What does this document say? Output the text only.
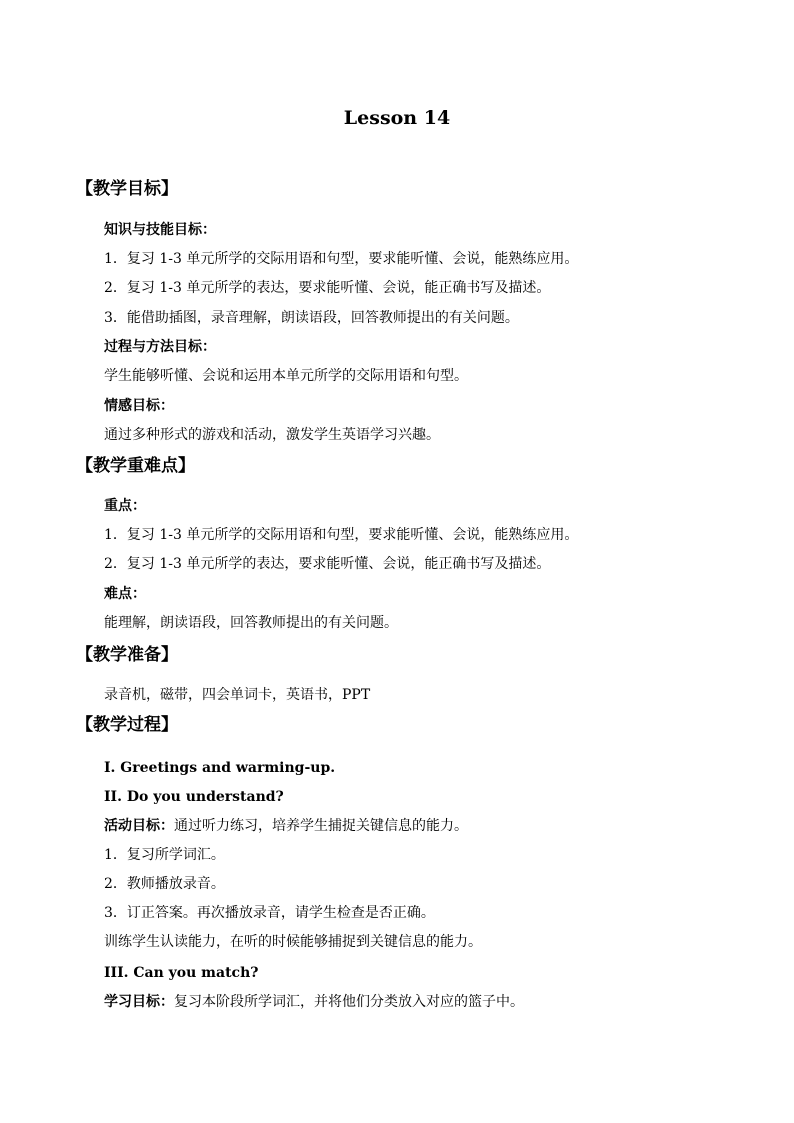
Lesson 14
【教学目标】
知识与技能目标：
1．复习 1-3 单元所学的交际用语和句型，要求能听懂、会说，能熟练应用。
2．复习 1-3 单元所学的表达，要求能听懂、会说，能正确书写及描述。
3．能借助插图，录音理解，朗读语段，回答教师提出的有关问题。
过程与方法目标：
学生能够听懂、会说和运用本单元所学的交际用语和句型。
情感目标：
通过多种形式的游戏和活动，激发学生英语学习兴趣。
【教学重难点】
重点：
1．复习 1-3 单元所学的交际用语和句型，要求能听懂、会说，能熟练应用。
2．复习 1-3 单元所学的表达，要求能听懂、会说，能正确书写及描述。
难点：
能理解，朗读语段，回答教师提出的有关问题。
【教学准备】
录音机，磁带，四会单词卡，英语书，PPT
【教学过程】
I. Greetings and warming-up.
II. Do you understand?
活动目标：通过听力练习，培养学生捕捉关键信息的能力。
1．复习所学词汇。
2．教师播放录音。
3．订正答案。再次播放录音，请学生检查是否正确。
训练学生认读能力，在听的时候能够捕捉到关键信息的能力。
III. Can you match?
学习目标：复习本阶段所学词汇，并将他们分类放入对应的篮子中。
